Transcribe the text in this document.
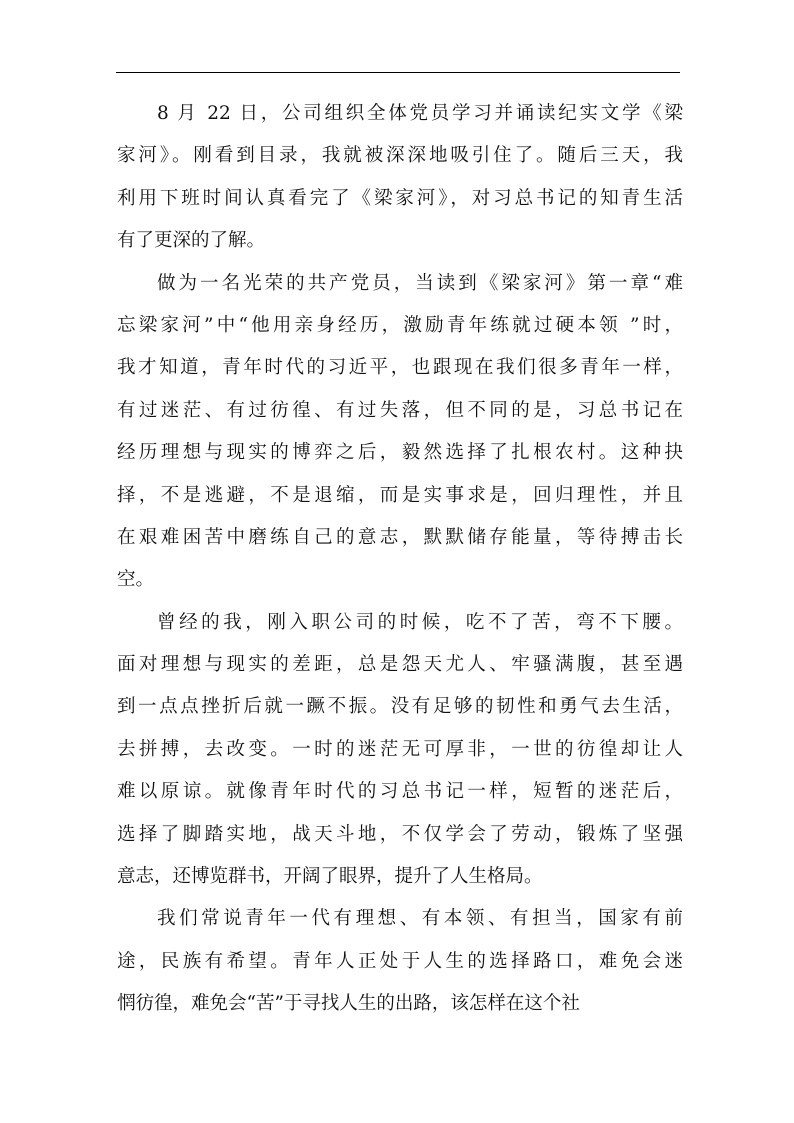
8 月 22 日，公司组织全体党员学习并诵读纪实文学《梁
家河》。刚看到目录，我就被深深地吸引住了。随后三天，我
利用下班时间认真看完了《梁家河》，对习总书记的知青生活
有了更深的了解。
做为一名光荣的共产党员，当读到《梁家河》第一章“难
忘梁家河”中“他用亲身经历，激励青年练就过硬本领 ”时，
我才知道，青年时代的习近平，也跟现在我们很多青年一样，
有过迷茫、有过彷徨、有过失落，但不同的是，习总书记在
经历理想与现实的博弈之后，毅然选择了扎根农村。这种抉
择，不是逃避，不是退缩，而是实事求是，回归理性，并且
在艰难困苦中磨练自己的意志，默默储存能量，等待搏击长
空。
曾经的我，刚入职公司的时候，吃不了苦，弯不下腰。
面对理想与现实的差距，总是怨天尤人、牢骚满腹，甚至遇
到一点点挫折后就一蹶不振。没有足够的韧性和勇气去生活，
去拼搏，去改变。一时的迷茫无可厚非，一世的彷徨却让人
难以原谅。就像青年时代的习总书记一样，短暂的迷茫后，
选择了脚踏实地，战天斗地，不仅学会了劳动，锻炼了坚强
意志，还博览群书，开阔了眼界，提升了人生格局。
我们常说青年一代有理想、有本领、有担当，国家有前
途，民族有希望。青年人正处于人生的选择路口，难免会迷
惘彷徨，难免会“苦”于寻找人生的出路，该怎样在这个社
